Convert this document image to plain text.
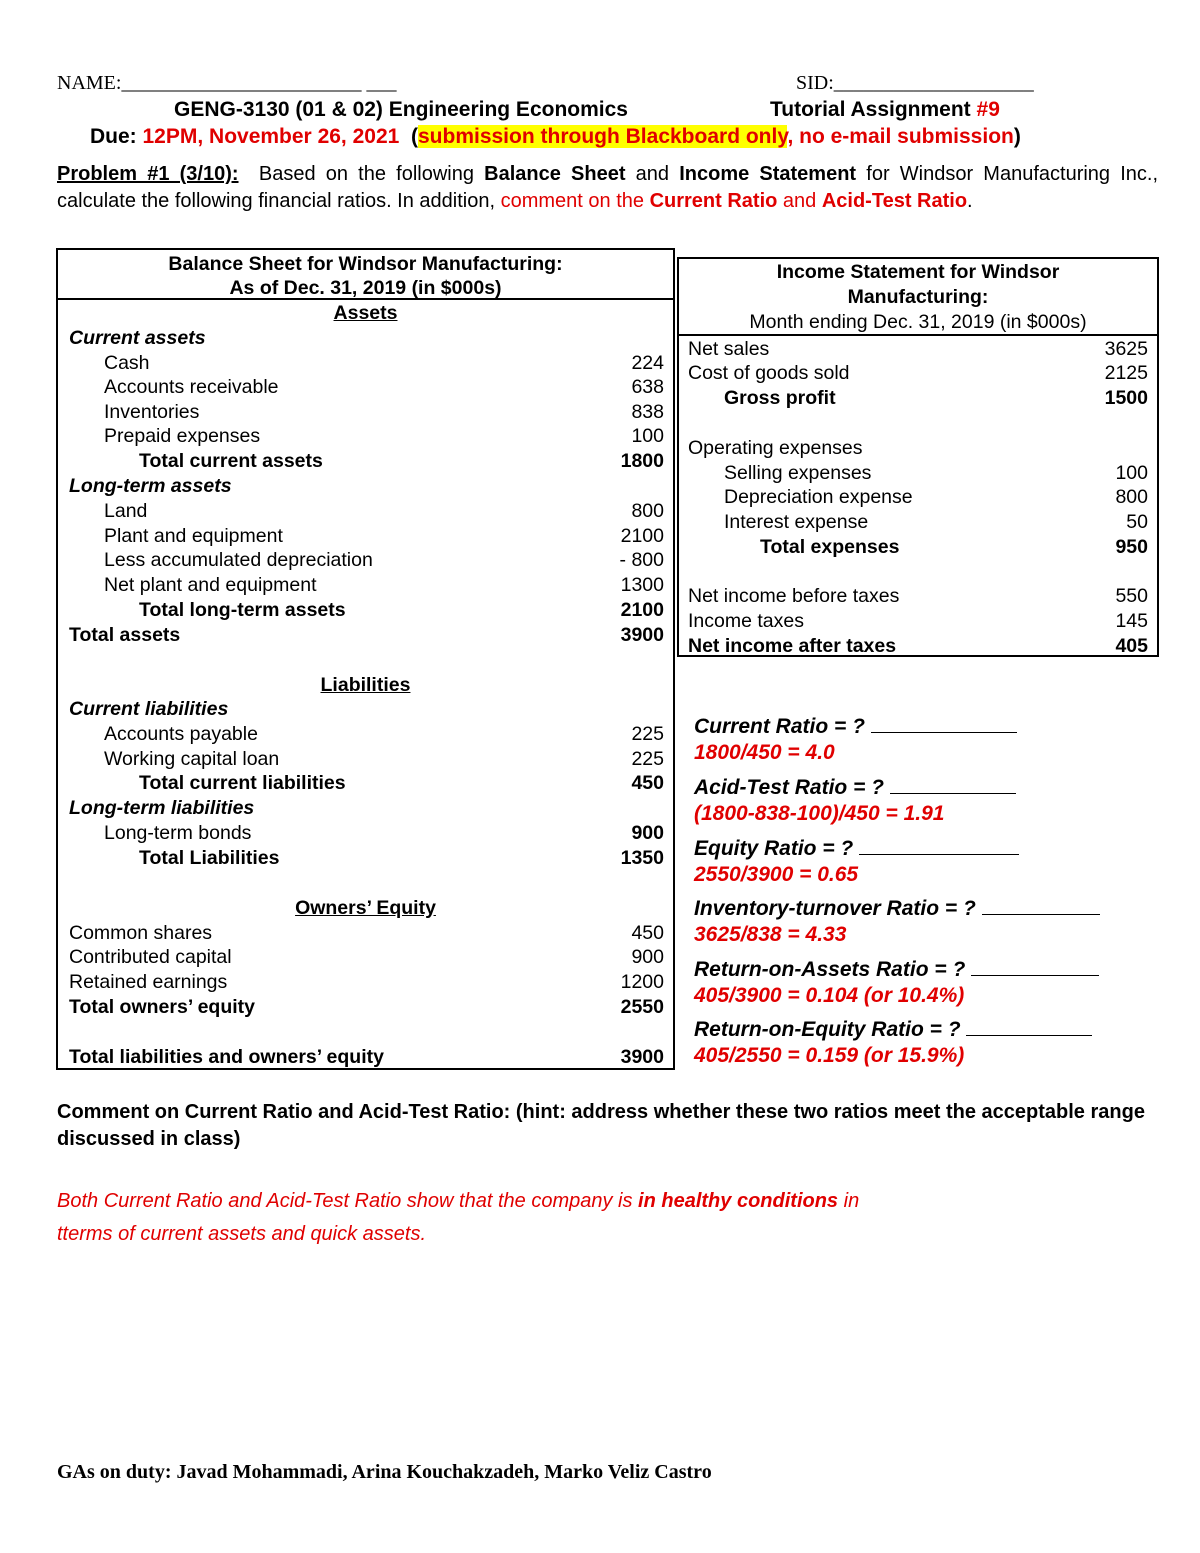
NAME:________________________ ___	SID:____________________
GENG-3130 (01 & 02) Engineering Economics	Tutorial Assignment #9
Due: 12PM, November 26, 2021  (submission through Blackboard only, no e-mail submission)
Problem #1 (3/10):  Based on the following Balance Sheet and Income Statement for Windsor Manufacturing Inc., calculate the following financial ratios. In addition, comment on the Current Ratio and Acid-Test Ratio.
Balance Sheet for Windsor Manufacturing:
As of Dec. 31, 2019 (in $000s)
Assets
Current assets
Cash	224
Accounts receivable	638
Inventories	838
Prepaid expenses	100
Total current assets	1800
Long-term assets
Land	800
Plant and equipment	2100
Less accumulated depreciation	- 800
Net plant and equipment	1300
Total long-term assets	2100
Total assets	3900
Liabilities
Current liabilities
Accounts payable	225
Working capital loan	225
Total current liabilities	450
Long-term liabilities
Long-term bonds	900
Total Liabilities	1350
Owners’ Equity
Common shares	450
Contributed capital	900
Retained earnings	1200
Total owners’ equity	2550
Total liabilities and owners’ equity	3900
Income Statement for Windsor
Manufacturing:
Month ending Dec. 31, 2019 (in $000s)
Net sales	3625
Cost of goods sold	2125
Gross profit	1500
Operating expenses
Selling expenses	100
Depreciation expense	800
Interest expense	50
Total expenses	950
Net income before taxes	550
Income taxes	145
Net income after taxes	405
Current Ratio = ?
1800/450 = 4.0
Acid-Test Ratio = ?
(1800-838-100)/450 = 1.91
Equity Ratio = ?
2550/3900 = 0.65
Inventory-turnover Ratio = ?
3625/838 = 4.33
Return-on-Assets Ratio = ?
405/3900 = 0.104 (or 10.4%)
Return-on-Equity Ratio = ?
405/2550 = 0.159 (or 15.9%)
Comment on Current Ratio and Acid-Test Ratio: (hint: address whether these two ratios meet the acceptable range discussed in class)
Both Current Ratio and Acid-Test Ratio show that the company is in healthy conditions in
tterms of current assets and quick assets.
GAs on duty: Javad Mohammadi, Arina Kouchakzadeh, Marko Veliz Castro
